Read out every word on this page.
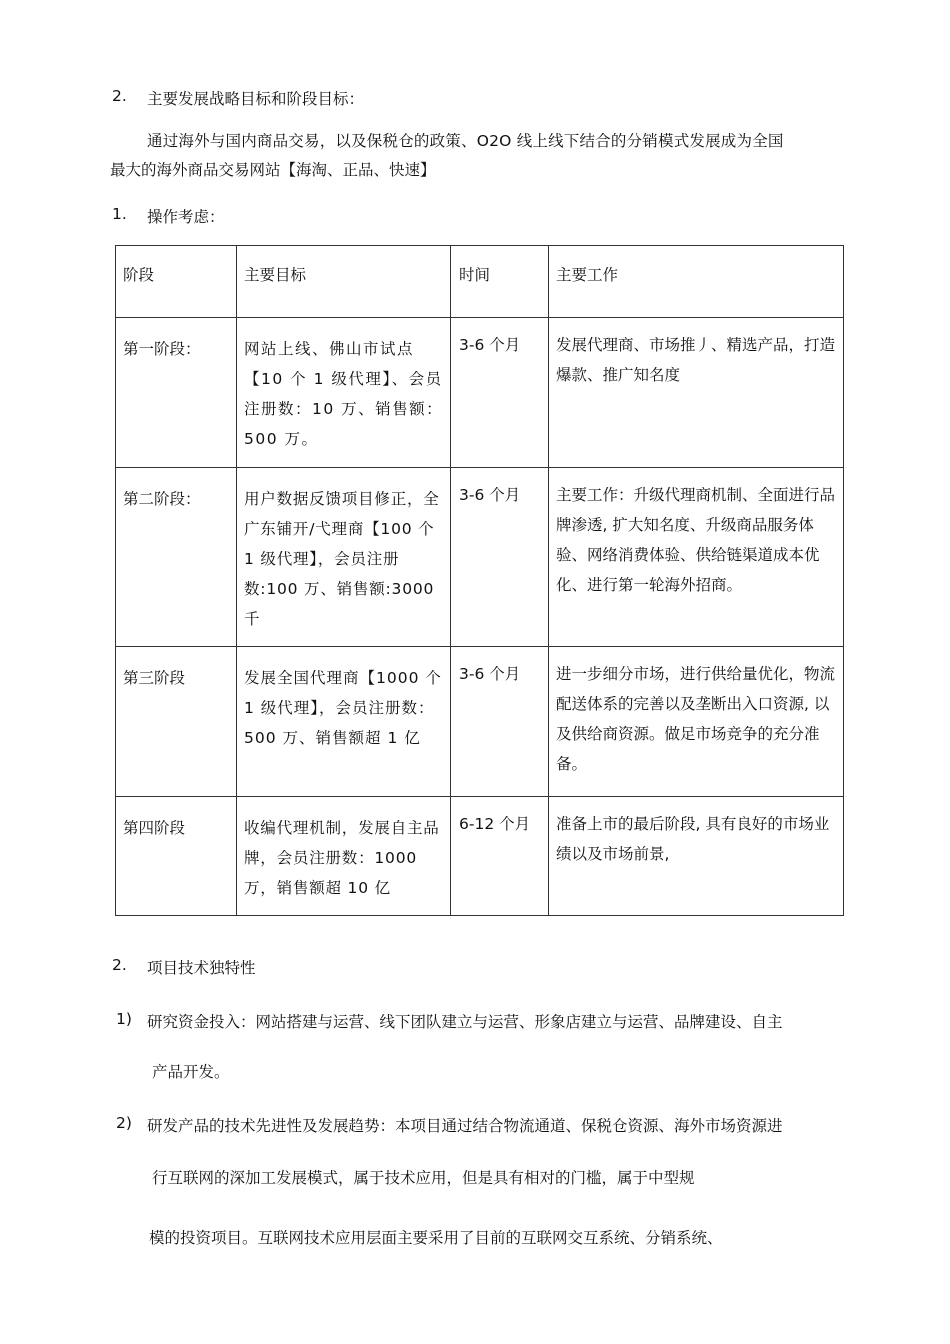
2. 主要发展战略目标和阶段目标：
通过海外与国内商品交易，以及保税仓的政策、O2O 线上线下结合的分销模式发展成为全国
最大的海外商品交易网站【海淘、正品、快速】
1. 操作考虑：
阶段	主要目标	时间	主要工作
第一阶段：	网站上线、佛山市试点【10 个 1 级代理】、会员注册数：10 万、销售额：500 万。	3-6 个月	发展代理商、市场推丿、精选产品，打造爆款、推广知名度
第二阶段：	用户数据反馈项目修正，全广东铺开/弋理商【100 个 1 级代理】，会员注册数:100 万、销售额:3000 千	3-6 个月	主要工作：升级代理商机制、全面进行品牌渗透, 扩大知名度、升级商品服务体验、网络消费体验、供给链渠道成本优化、进行第一轮海外招商。

第三阶段	发展全国代理商【1000 个 1 级代理】，会员注册数： 500 万、销售额超 1 亿	3-6 个月	进一步细分市场，进行供给量优化，物流配送体系的完善以及垄断出入口资源, 以及供给商资源。做足市场竞争的充分准备。

第四阶段	收编代理机制，发展自主品牌，会员注册数：1000 万，销售额超 10 亿	6-12 个月	准备上市的最后阶段, 具有良好的市场业绩以及市场前景,
2. 项目技术独特性
1) 研究资金投入：网站搭建与运营、线下团队建立与运营、形象店建立与运营、品牌建设、自主
产品开发。
2) 研发产品的技术先进性及发展趋势：本项目通过结合物流通道、保税仓资源、海外市场资源进
行互联网的深加工发展模式，属于技术应用，但是具有相对的门槛，属于中型规
模的投资项目。互联网技术应用层面主要采用了目前的互联网交互系统、分销系统、
